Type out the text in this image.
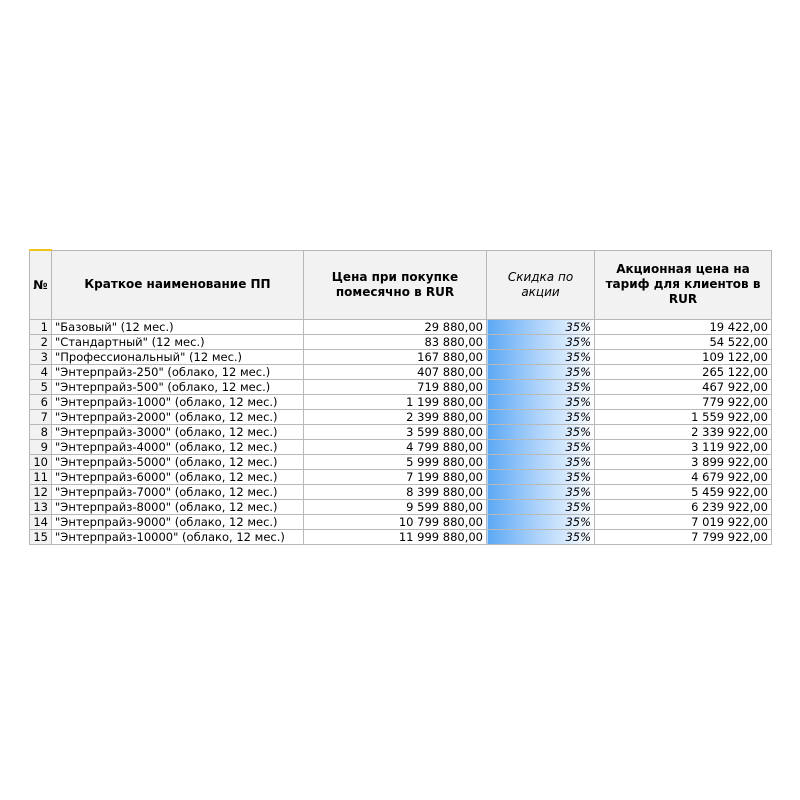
№	Краткое наименование ПП	Цена при покупке помесячно в RUR	Скидка по акции	Акционная цена на тариф для клиентов в RUR
1	"Базовый" (12 мес.)	29 880,00	35%	19 422,00
2	"Стандартный" (12 мес.)	83 880,00	35%	54 522,00
3	"Профессиональный" (12 мес.)	167 880,00	35%	109 122,00
4	"Энтерпрайз-250" (облако, 12 мес.)	407 880,00	35%	265 122,00
5	"Энтерпрайз-500" (облако, 12 мес.)	719 880,00	35%	467 922,00
6	"Энтерпрайз-1000" (облако, 12 мес.)	1 199 880,00	35%	779 922,00
7	"Энтерпрайз-2000" (облако, 12 мес.)	2 399 880,00	35%	1 559 922,00
8	"Энтерпрайз-3000" (облако, 12 мес.)	3 599 880,00	35%	2 339 922,00
9	"Энтерпрайз-4000" (облако, 12 мес.)	4 799 880,00	35%	3 119 922,00
10	"Энтерпрайз-5000" (облако, 12 мес.)	5 999 880,00	35%	3 899 922,00
11	"Энтерпрайз-6000" (облако, 12 мес.)	7 199 880,00	35%	4 679 922,00
12	"Энтерпрайз-7000" (облако, 12 мес.)	8 399 880,00	35%	5 459 922,00
13	"Энтерпрайз-8000" (облако, 12 мес.)	9 599 880,00	35%	6 239 922,00
14	"Энтерпрайз-9000" (облако, 12 мес.)	10 799 880,00	35%	7 019 922,00
15	"Энтерпрайз-10000" (облако, 12 мес.)	11 999 880,00	35%	7 799 922,00
